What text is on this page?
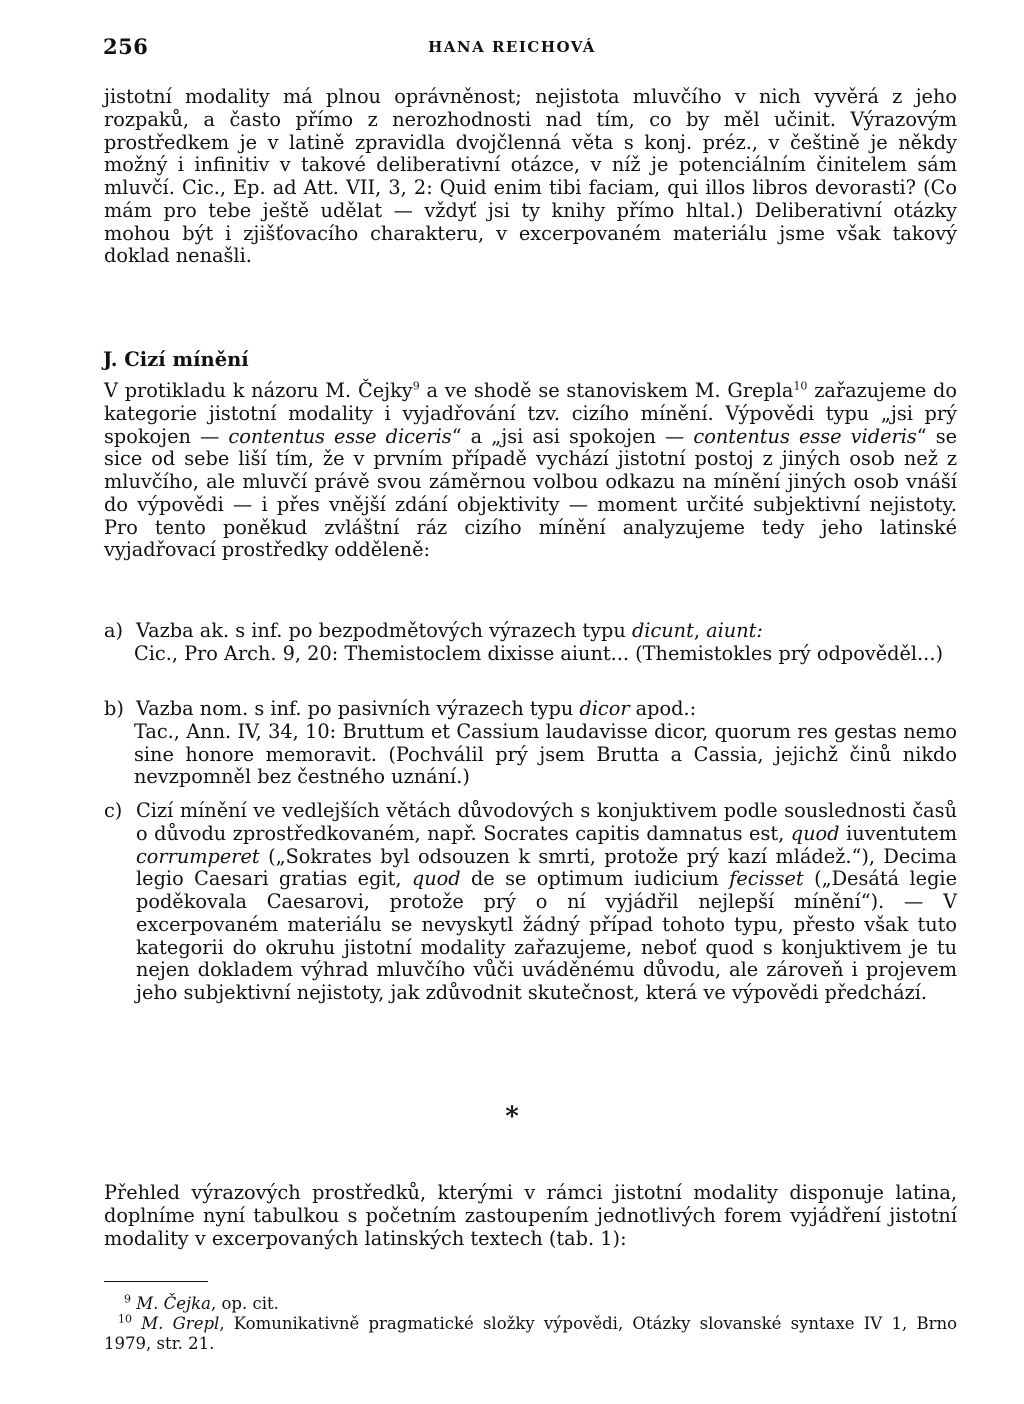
256	HANA REICHOVÁ

jistotní modality má plnou oprávněnost; nejistota mluvčího v nich vyvěrá z jeho rozpaků, a často přímo z nerozhodnosti nad tím, co by měl učinit. Výrazovým prostředkem je v latině zpravidla dvojčlenná věta s konj. préz., v češtině je někdy možný i infinitiv v takové deliberativní otázce, v níž je potenciálním činitelem sám mluvčí. Cic., Ep. ad Att. VII, 3, 2: Quid enim tibi faciam, qui illos libros devorasti? (Co mám pro tebe ještě udělat — vždyť jsi ty knihy přímo hltal.) Deliberativní otázky mohou být i zjišťovacího charakteru, v excerpovaném materiálu jsme však takový doklad nenašli.

J. Cizí mínění

V protikladu k názoru M. Čejky$^9$ a ve shodě se stanoviskem M. Grepla$^{10}$ zařazujeme do kategorie jistotní modality i vyjadřování tzv. cizího mínění. Výpovědi typu „jsi prý spokojen — contentus esse diceris“ a „jsi asi spokojen — contentus esse videris“ se sice od sebe liší tím, že v prvním případě vychází jistotní postoj z jiných osob než z mluvčího, ale mluvčí právě svou záměrnou volbou odkazu na mínění jiných osob vnáší do výpovědi — i přes vnější zdání objektivity — moment určité subjektivní nejistoty. Pro tento poněkud zvláštní ráz cizího mínění analyzujeme tedy jeho latinské vyjadřovací prostředky odděleně:

a) Vazba ak. s inf. po bezpodmětových výrazech typu dicunt, aiunt:
Cic., Pro Arch. 9, 20: Themistoclem dixisse aiunt... (Themistokles prý odpověděl...)
b) Vazba nom. s inf. po pasivních výrazech typu dicor apod.:
Tac., Ann. IV, 34, 10: Bruttum et Cassium laudavisse dicor, quorum res gestas nemo sine honore memoravit. (Pochválil prý jsem Brutta a Cassia, jejichž činů nikdo nevzpomněl bez čestného uznání.)
c) Cizí mínění ve vedlejších větách důvodových s konjuktivem podle souslednosti časů o důvodu zprostředkovaném, např. Socrates capitis damnatus est, quod iuventutem corrumperet („Sokrates byl odsouzen k smrti, protože prý kazí mládež.“), Decima legio Caesari gratias egit, quod de se optimum iudicium fecisset („Desátá legie poděkovala Caesarovi, protože prý o ní vyjádřil nejlepší mínění“). — V excerpovaném materiálu se nevyskytl žádný případ tohoto typu, přesto však tuto kategorii do okruhu jistotní modality zařazujeme, neboť quod s konjuktivem je tu nejen dokladem výhrad mluvčího vůči uváděnému důvodu, ale zároveň i projevem jeho subjektivní nejistoty, jak zdůvodnit skutečnost, která ve výpovědi předchází.
*

Přehled výrazových prostředků, kterými v rámci jistotní modality disponuje latina, doplníme nyní tabulkou s početním zastoupením jednotlivých forem vyjádření jistotní modality v excerpovaných latinských textech (tab. 1):

$^9$ M. Čejka, op. cit.

$^{10}$ M. Grepl, Komunikativně pragmatické složky výpovědi, Otázky slovanské syntaxe IV 1, Brno 1979, str. 21.
